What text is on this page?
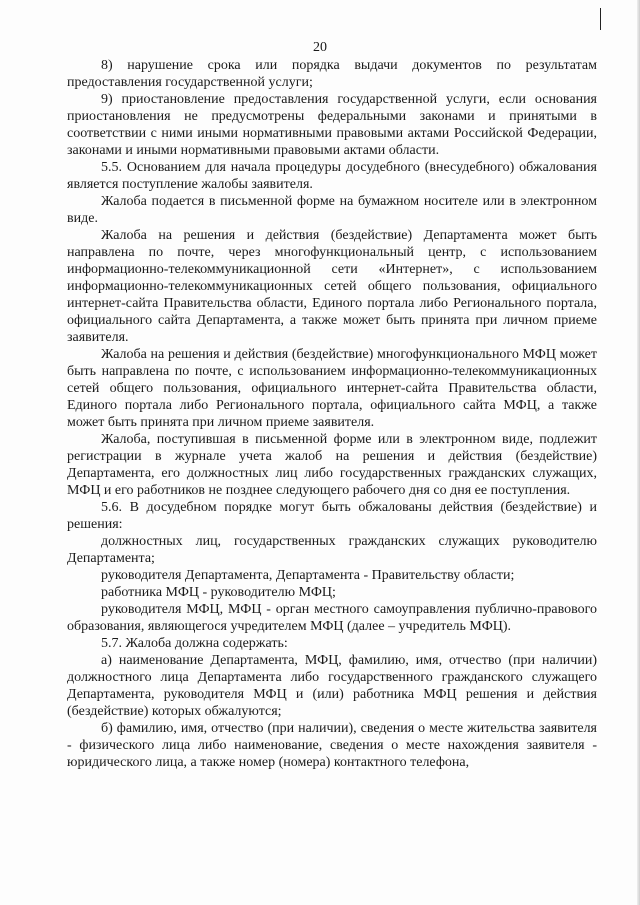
20

8) нарушение срока или порядка выдачи документов по результатам предоставления государственной услуги;

9) приостановление предоставления государственной услуги, если основания приостановления не предусмотрены федеральными законами и принятыми в соответствии с ними иными нормативными правовыми актами Российской Федерации, законами и иными нормативными правовыми актами области.

5.5. Основанием для начала процедуры досудебного (внесудебного) обжалования является поступление жалобы заявителя.

Жалоба подается в письменной форме на бумажном носителе или в электронном виде.

Жалоба на решения и действия (бездействие) Департамента может быть направлена по почте, через многофункциональный центр, с использованием информационно-телекоммуникационной сети «Интернет», с использованием информационно-телекоммуникационных сетей общего пользования, официального интернет-сайта Правительства области, Единого портала либо Регионального портала, официального сайта Департамента, а также может быть принята при личном приеме заявителя.

Жалоба на решения и действия (бездействие) многофункционального МФЦ может быть направлена по почте, с использованием информационно-телекоммуникационных сетей общего пользования, официального интернет-сайта Правительства области, Единого портала либо Регионального портала, официального сайта МФЦ, а также может быть принята при личном приеме заявителя.

Жалоба, поступившая в письменной форме или в электронном виде, подлежит регистрации в журнале учета жалоб на решения и действия (бездействие) Департамента, его должностных лиц либо государственных гражданских служащих, МФЦ и его работников не позднее следующего рабочего дня со дня ее поступления.

5.6. В досудебном порядке могут быть обжалованы действия (бездействие) и решения:

должностных лиц, государственных гражданских служащих руководителю Департамента;

руководителя Департамента, Департамента - Правительству области;

работника МФЦ - руководителю МФЦ;

руководителя МФЦ, МФЦ - орган местного самоуправления публично-правового образования, являющегося учредителем МФЦ (далее – учредитель МФЦ).

5.7. Жалоба должна содержать:

а) наименование Департамента, МФЦ, фамилию, имя, отчество (при наличии) должностного лица Департамента либо государственного гражданского служащего Департамента, руководителя МФЦ и (или) работника МФЦ решения и действия (бездействие) которых обжалуются;

б) фамилию, имя, отчество (при наличии), сведения о месте жительства заявителя - физического лица либо наименование, сведения о месте нахождения заявителя - юридического лица, а также номер (номера) контактного телефона,
